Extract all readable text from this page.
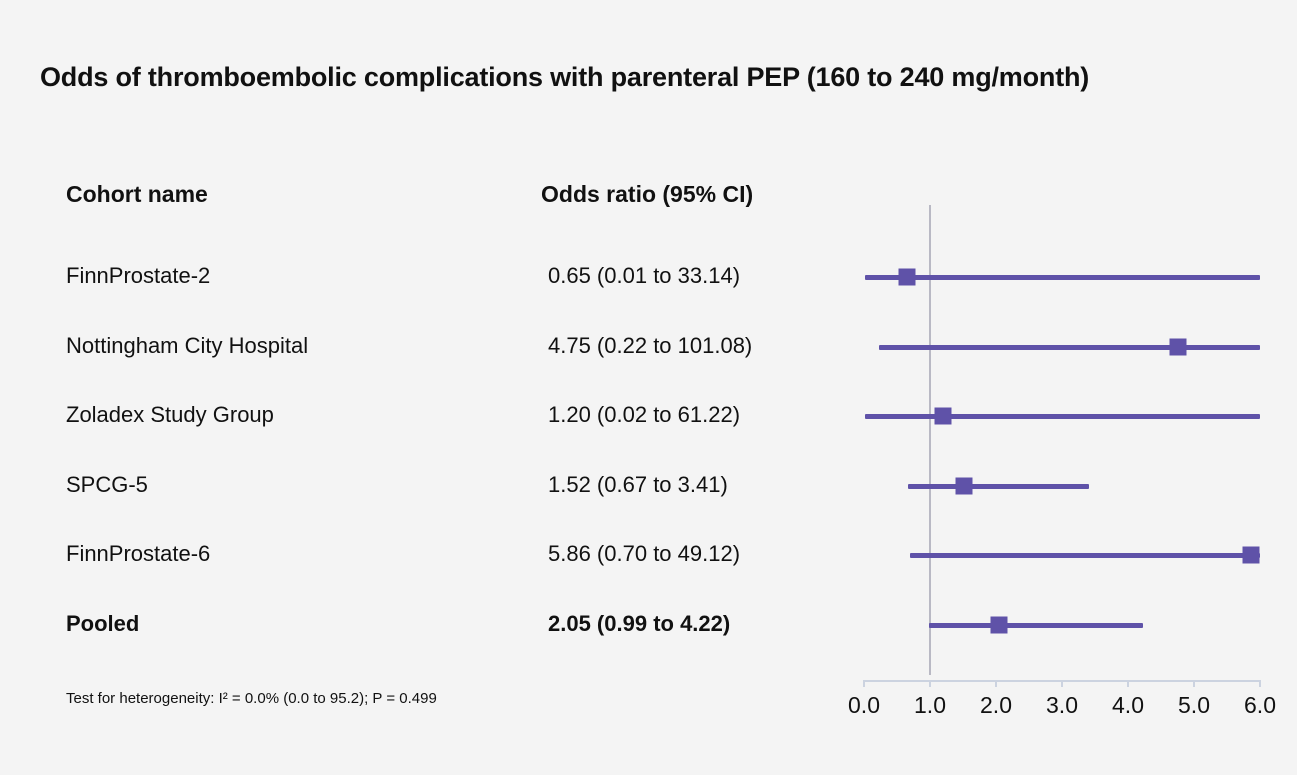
Odds of thromboembolic complications with parenteral PEP (160 to 240 mg/month)
Cohort name	Odds ratio (95% CI)
FinnProstate-2	0.65 (0.01 to 33.14)
Nottingham City Hospital	4.75 (0.22 to 101.08)
Zoladex Study Group	1.20 (0.02 to 61.22)
SPCG-5	1.52 (0.67 to 3.41)
FinnProstate-6	5.86 (0.70 to 49.12)
Pooled	2.05 (0.99 to 4.22)
Test for heterogeneity: I² = 0.0% (0.0 to 95.2); P = 0.499	0.0 1.0 2.0 3.0 4.0 5.0 6.0
